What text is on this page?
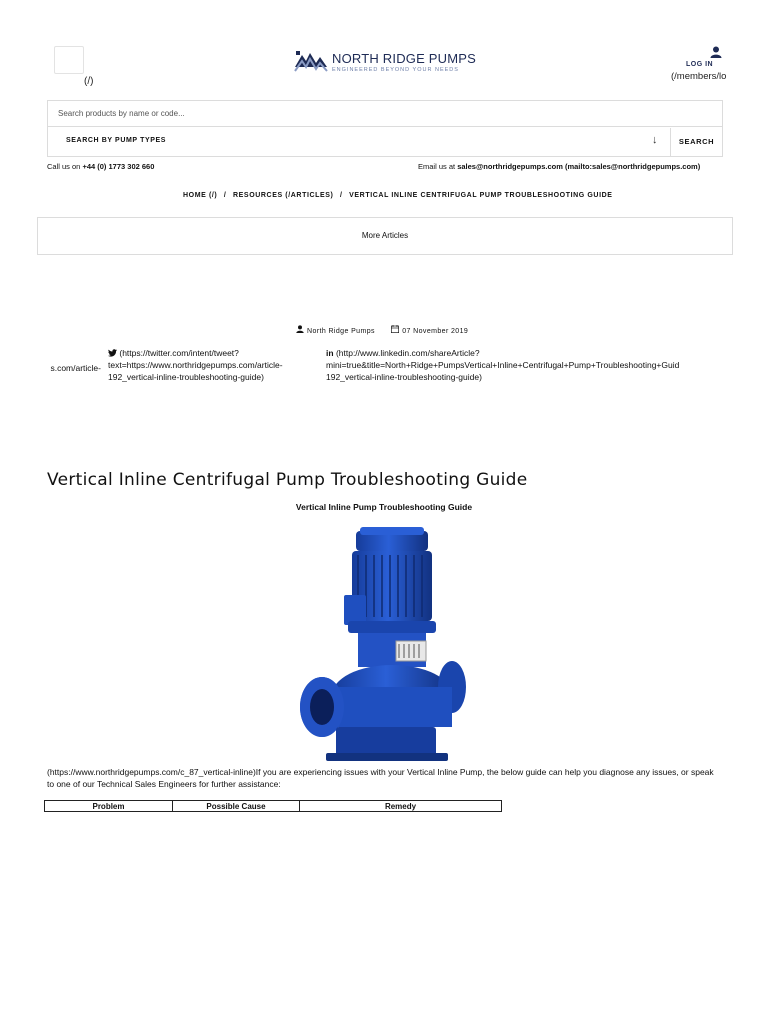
(/)
NORTH RIDGE PUMPS
ENGINEERED BEYOND YOUR NEEDS
LOG IN
(/members/lo
Search products by name or code...
SEARCH BY PUMP TYPES	↓	SEARCH
Call us on +44 (0) 1773 302 660	Email us at sales@northridgepumps.com (mailto:sales@northridgepumps.com)
HOME (/) / RESOURCES (/ARTICLES) / VERTICAL INLINE CENTRIFUGAL PUMP TROUBLESHOOTING GUIDE
More Articles
North Ridge Pumps	07 November 2019
s.com/article-
(https://twitter.com/intent/tweet?
text=https://www.northridgepumps.com/article-
192_vertical-inline-troubleshooting-guide)
in (http://www.linkedin.com/shareArticle?
mini=true&title=North+Ridge+PumpsVertical+Inline+Centrifugal+Pump+Troubleshooting+Guid
192_vertical-inline-troubleshooting-guide)
Vertical Inline Centrifugal Pump Troubleshooting Guide
Vertical Inline Pump Troubleshooting Guide
(https://www.northridgepumps.com/c_87_vertical-inline)If you are experiencing issues with your Vertical Inline Pump, the below guide can help you diagnose any issues, or speak to one of our Technical Sales Engineers for further assistance:
Problem	Possible Cause	Remedy
